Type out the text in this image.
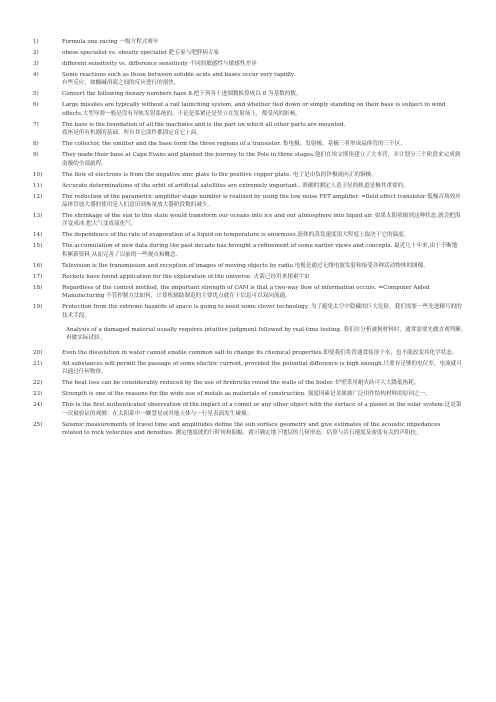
1)	Formula one racing 一级方程式赛车
2)	obese specialist vs. obesity specialist 肥专家与肥胖病专家
3)	different sensitivity vs. difference sensitivity 不同的敏感性与敏感性差异
4)	Some reactions such as those between soluble acids and bases occur very rapidly.
有些反应，如酸碱溶液之间的反应进行的很快。
5)	Convert the following denary numbers hase 8.把下列各十进制数换算成以 8 为基数的数。
6)	Large missiles are typically without a rail launching system, and whether tied down or simply standing on their base is subject to wind effects.大型导弹一般是没有导轨发射系统的，不论是系紧还是竖立在发射场上，都受风的影响。
7)	The base is the foundation of all the machines and is the part on which all other parts are mounted.
底座是所有机器的基础，所有其它部件都固定在它上面。
8)	The collector, the emitter and the base form the three regions of a transistor. 集电极、发射极、基极三者形成晶体管的三个区。
9)	They made their base at Cape Evans and planned the journey to the Pole in three stages.他们在埃文斯角建立了大本营，并计划分三个阶段来完成到南极的全部旅程。
10)	The flow of electrons is from the negative zinc plate to the positive copper plate. 电子是由负的锌极流向正的铜极。
11)	Accurate determinations of the orbit of artificial satellites are extremely important.. 准确的测定人造卫星的轨道是极其重要的。
12)	The reduction of the parametric amplifier stage number is realized by using the low noise FET amplifier. =field effect transistor 低噪音场效应晶体管放大器的使用是人们意识到参量放大器阶段数的减少。
13)	The shrinkage of the sun to this state would transform our oceans into ice and our atmosphere into liquid air. 如果太阳收缩到这种状态,就会把海洋变成冰,把大气变成液化气。
14)	The dependence of the rate of evaporation of a liquid on temperature is enormous.液体的蒸发速度很大程度上取决于它的温度。
15)	The accumulation of new data during the past decade has brought a refinement of some earlier views and concepts. 最近几十年来,由于不断地积累新资料,从而完善了以前的一些观点和概念.
16)	Television is the transmission and reception of images of moving objects by radio.电视是通过无线电波发射和接受各种活动物体的图像。
17)	Rockets have found application for the exploration of the universe. 火箭已经用来探索宇宙
18)	Regardless of the control method, the important strength of CAM is that a two-way flow of information occurs. =Computer Aided Manufacturing 不管控制方法如何，计算机辅助制造的主要优点就在于信息可以双向流通。
19)	Protection from the extreme hazards of space is going to need some clever technology. 为了避免太空中隐藏的巨大危险，我们需要一些先进精巧的的技术手段。
Analysis of a damaged material usually requires intuitive judgment followed by real-time testing. 我们在分析被损材料时，通常需要先做直观判断，再做实际试验。
20)	Even the dissolution in water cannot enable common salt to change its chemical properties.即使我们将普通食盐溶于水，也不能改变其化学状态。
21)	All substances will permit the passage of some electric current, provided the potential difference is high enough.只要有足够的电位差，电流就可以通过任何物体。
22)	The heat loss can be considerably reduced by the use of firebricks round the walls of the boiler. 炉壁采用耐火砖可大大降低热耗。
23)	Strength is one of the reasons for the wide use of metals as materials of construction. 强度因素是金属被广泛用作结构材料的原因之一。
24)	This is the first authenticated observation of the impact of a comet or any other object with the surface of a planet in the solar system.这是第一次被验证的观测：在太阳系中一颗慧星或其他天体与一行星表面发生碰撞。
25)	Seismic measurements of travel time and amplitudes define the sub surface geometry and give estimates of the acoustic impedances related to rock velocities and densities. 测定地震波的行时间和振幅，就可确定地下地层的几何形态，估算与岩石速度及密度有关的声阻抗。
